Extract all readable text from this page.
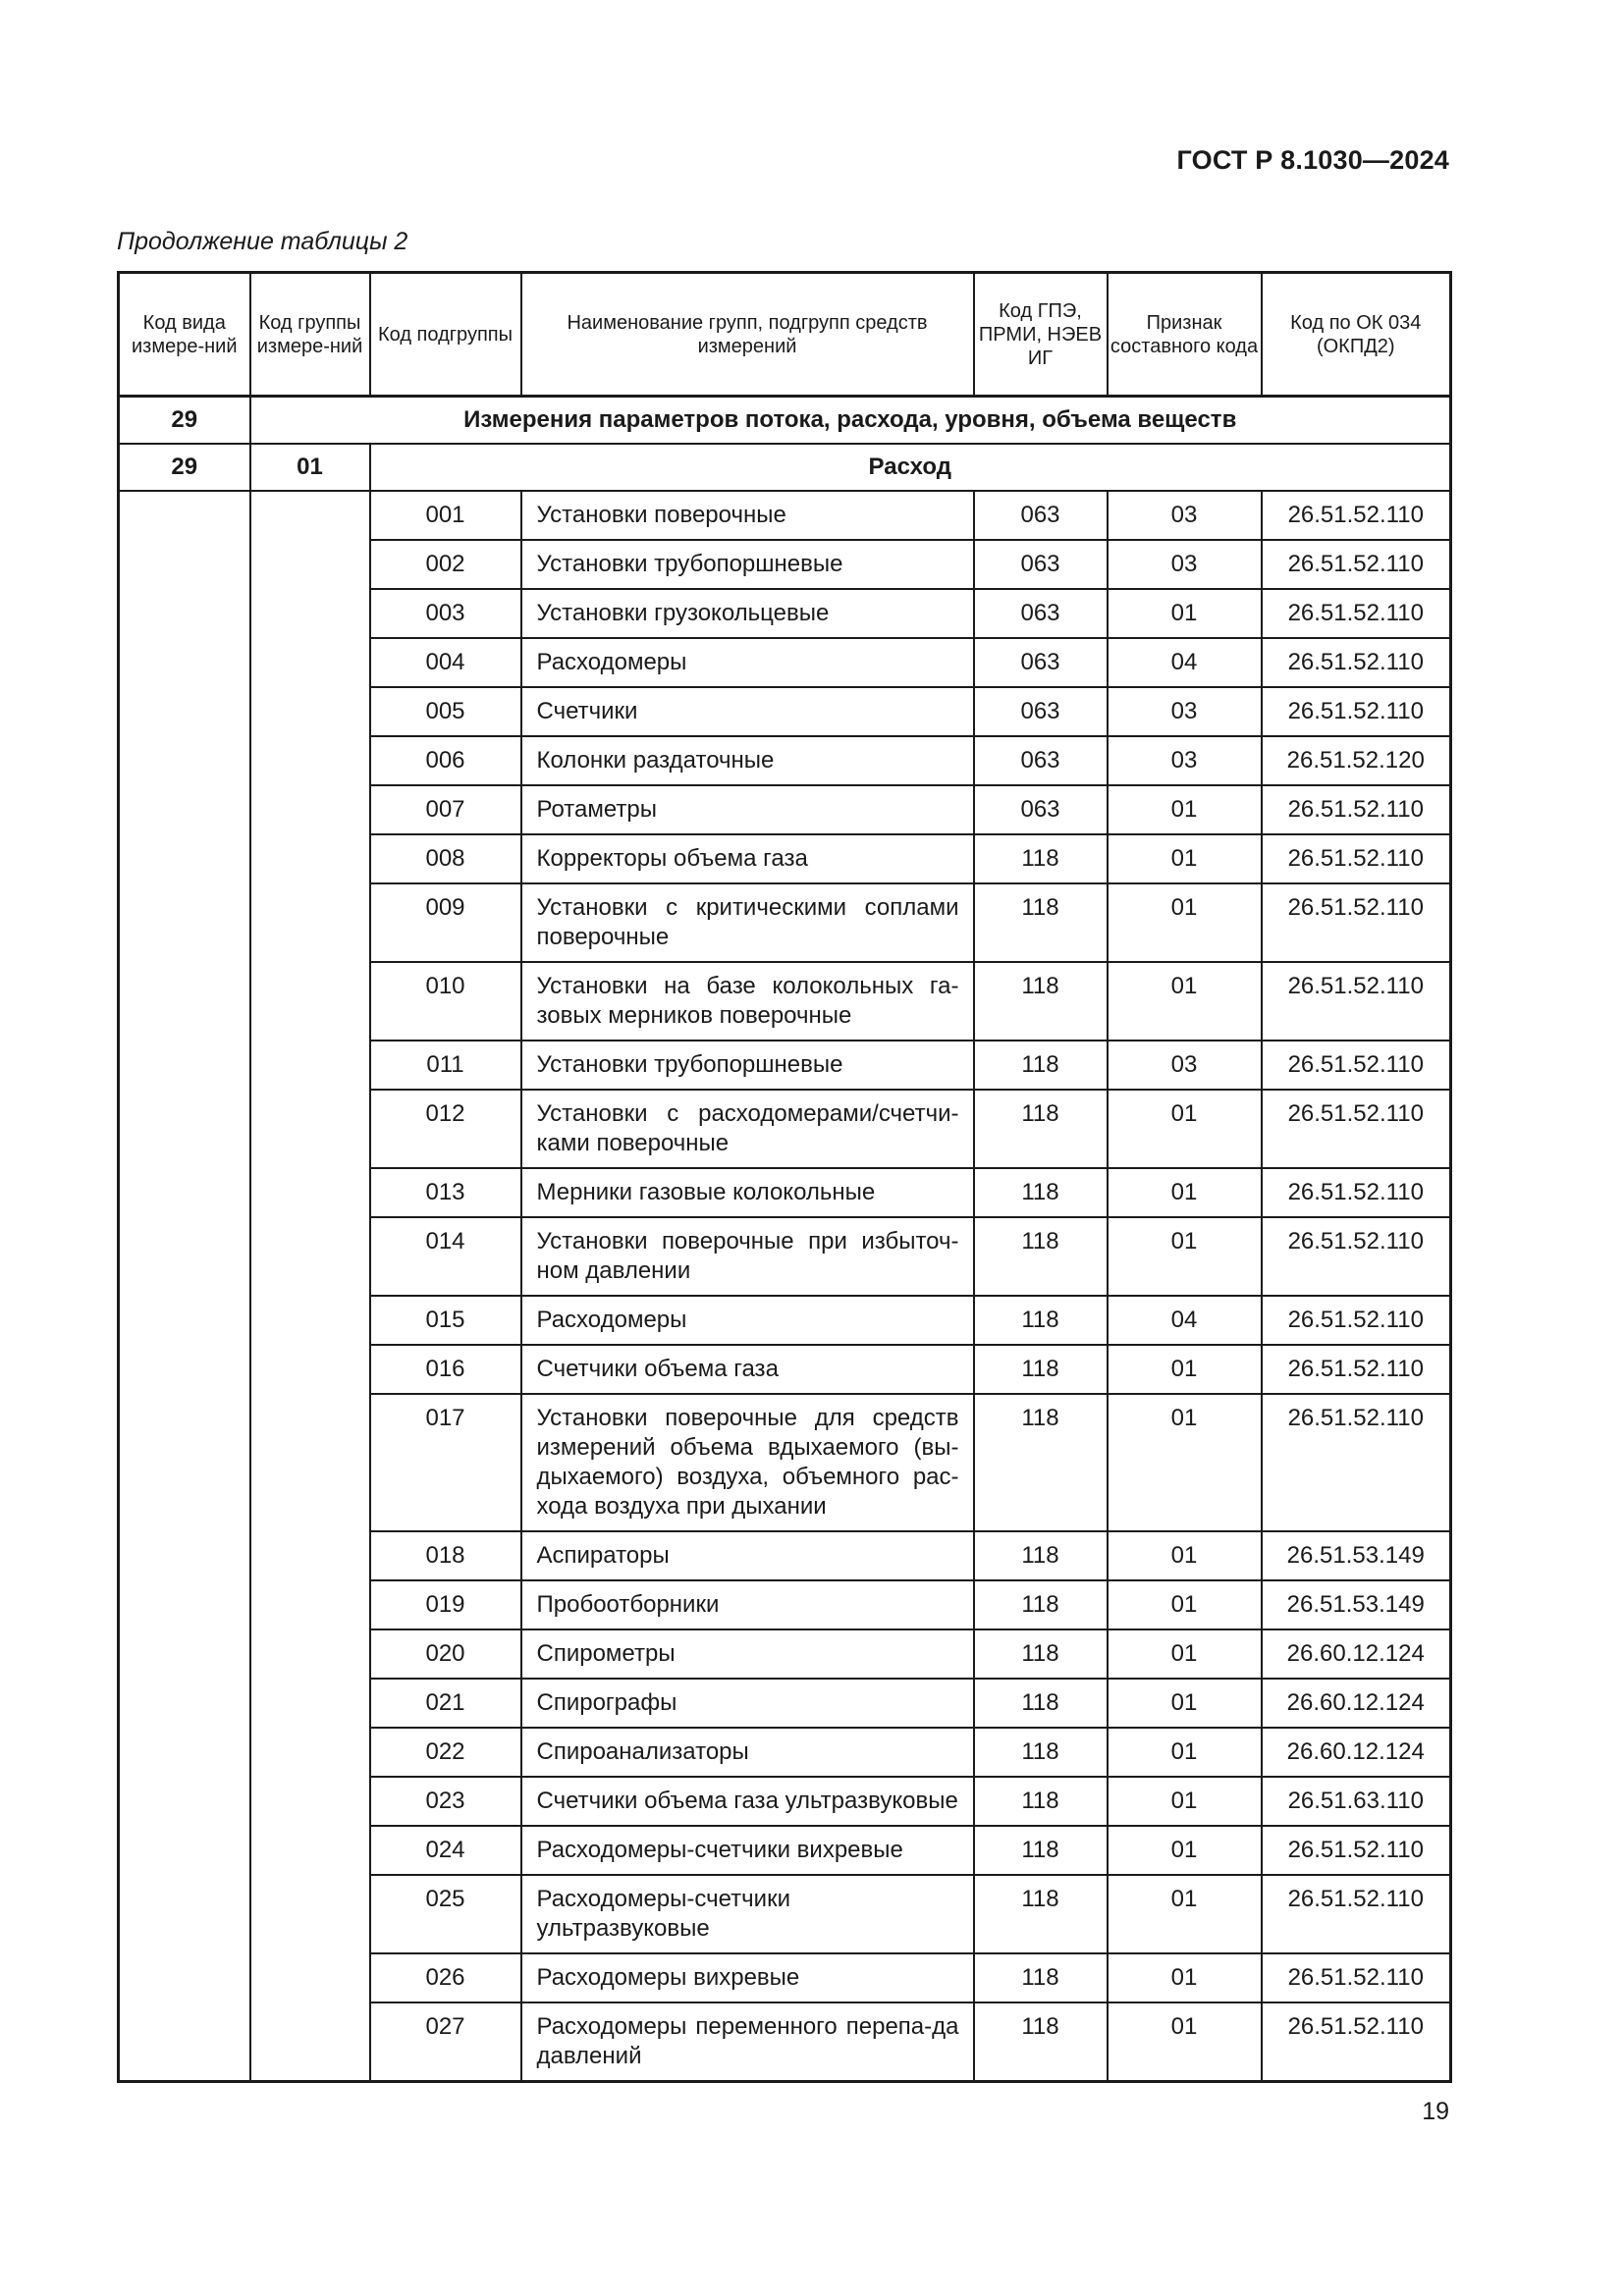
ГОСТ Р 8.1030—2024
Продолжение таблицы 2
Код вида измере-ний	Код группы измере-ний	Код подгруппы	Наименование групп, подгрупп средств измерений	Код ГПЭ, ПРМИ, НЭЕВ ИГ	Признак составного кода	Код по ОК 034 (ОКПД2)
29	Измерения параметров потока, расхода, уровня, объема веществ					
29	01	Расход				
		001	Установки поверочные	063	03	26.51.52.110
		002	Установки трубопоршневые	063	03	26.51.52.110
		003	Установки грузокольцевые	063	01	26.51.52.110
		004	Расходомеры	063	04	26.51.52.110
		005	Счетчики	063	03	26.51.52.110
		006	Колонки раздаточные	063	03	26.51.52.120
		007	Ротаметры	063	01	26.51.52.110
		008	Корректоры объема газа	118	01	26.51.52.110
		009	Установки с критическими соплами поверочные	118	01	26.51.52.110
		010	Установки на базе колокольных га-зовых мерников поверочные	118	01	26.51.52.110
		011	Установки трубопоршневые	118	03	26.51.52.110
		012	Установки с расходомерами/счетчи-ками поверочные	118	01	26.51.52.110
		013	Мерники газовые колокольные	118	01	26.51.52.110
		014	Установки поверочные при избыточ-ном давлении	118	01	26.51.52.110
		015	Расходомеры	118	04	26.51.52.110
		016	Счетчики объема газа	118	01	26.51.52.110
		017	Установки поверочные для средств измерений объема вдыхаемого (вы-дыхаемого) воздуха, объемного рас-хода воздуха при дыхании	118	01	26.51.52.110
		018	Аспираторы	118	01	26.51.53.149
		019	Пробоотборники	118	01	26.51.53.149
		020	Спирометры	118	01	26.60.12.124
		021	Спирографы	118	01	26.60.12.124
		022	Спироанализаторы	118	01	26.60.12.124
		023	Счетчики объема газа ультразвуковые	118	01	26.51.63.110
		024	Расходомеры-счетчики вихревые	118	01	26.51.52.110
		025	Расходомеры-счетчики ультразвуковые	118	01	26.51.52.110
		026	Расходомеры вихревые	118	01	26.51.52.110
		027	Расходомеры переменного перепа-да давлений	118	01	26.51.52.110
19
